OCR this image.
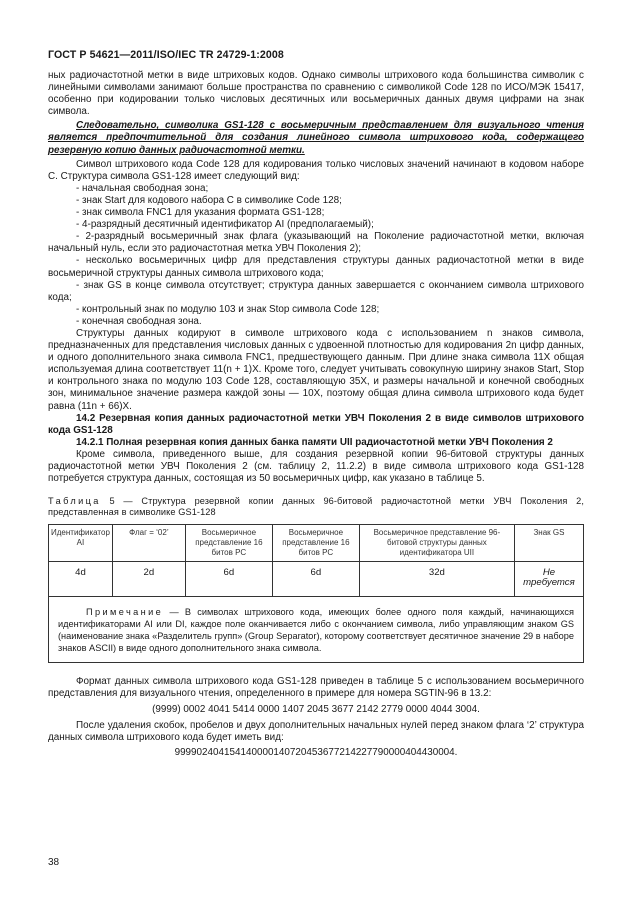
ГОСТ Р 54621—2011/ISO/IEC TR 24729-1:2008

ных радиочастотной метки в виде штриховых кодов. Однако символы штрихового кода большинства символик с линейными символами занимают больше пространства по сравнению с символикой Code 128 по ИСО/МЭК 15417, особенно при кодировании только числовых десятичных или восьмеричных данных двумя цифрами на знак символа.

Следовательно, символика GS1-128 с восьмеричным представлением для визуального чтения является предпочтительной для создания линейного символа штрихового кода, содержащего резервную копию данных радиочастотной метки.

Символ штрихового кода Code 128 для кодирования только числовых значений начинают в кодовом наборе С. Структура символа GS1-128 имеет следующий вид:

- начальная свободная зона;

- знак Start для кодового набора С в символике Code 128;

- знак символа FNC1 для указания формата GS1-128;

- 4-разрядный десятичный идентификатор AI (предполагаемый);

- 2-разрядный восьмеричный знак флага (указывающий на Поколение радиочастотной метки, включая начальный нуль, если это радиочастотная метка УВЧ Поколения 2);

- несколько восьмеричных цифр для представления структуры данных радиочастотной метки в виде восьмеричной структуры данных символа штрихового кода;

- знак GS в конце символа отсутствует; структура данных завершается с окончанием символа штрихового кода;

- контрольный знак по модулю 103 и знак Stop символа Code 128;

- конечная свободная зона.

Структуры данных кодируют в символе штрихового кода с использованием n знаков символа, предназначенных для представления числовых данных с удвоенной плотностью для кодирования 2n цифр данных, и одного дополнительного знака символа FNC1, предшествующего данным. При длине знака символа 11X общая используемая длина соответствует 11(n + 1)X. Кроме того, следует учитывать совокупную ширину знаков Start, Stop и контрольного знака по модулю 103 Code 128, составляющую 35X, и размеры начальной и конечной свободных зон, минимальное значение размера каждой зоны — 10X, поэтому общая длина символа штрихового кода будет равна (11n + 66)X.

14.2 Резервная копия данных радиочастотной метки УВЧ Поколения 2 в виде символов штрихового кода GS1-128

14.2.1 Полная резервная копия данных банка памяти UII радиочастотной метки УВЧ Поколения 2

Кроме символа, приведенного выше, для создания резервной копии 96-битовой структуры данных радиочастотной метки УВЧ Поколения 2 (см. таблицу 2, 11.2.2) в виде символа штрихового кода GS1-128 потребуется структура данных, состоящая из 50 восьмеричных цифр, как указано в таблице 5.

Таблица 5 — Структура резервной копии данных 96-битовой радиочастотной метки УВЧ Поколения 2, представленная в символике GS1-128

Идентификатор AI	Флаг = ‘02’	Восьмеричное представление 16 битов PC	Восьмеричное представление 16 битов PC	Восьмеричное представление 96-битовой структуры данных идентификатора UII	Знак GS
4d	2d	6d	6d	32d	Не требуется
Примечание — В символах штрихового кода, имеющих более одного поля каждый, начинающихся идентификаторами AI или DI, каждое поле оканчивается либо с окончанием символа, либо управляющим знаком GS (наименование знака «Разделитель групп» (Group Separator), которому соответствует десятичное значение 29 в наборе знаков ASCII) в виде одного дополнительного знака символа.					

Формат данных символа штрихового кода GS1-128 приведен в таблице 5 с использованием восьмеричного представления для визуального чтения, определенного в примере для номера SGTIN-96 в 13.2:

(9999) 0002 4041 5414 0000 1407 2045 3677 2142 2779 0000 4044 3004.

После удаления скобок, пробелов и двух дополнительных начальных нулей перед знаком флага ‘2’ структура данных символа штрихового кода будет иметь вид:

999902404154140000140720453677214227790000404430004.

38
